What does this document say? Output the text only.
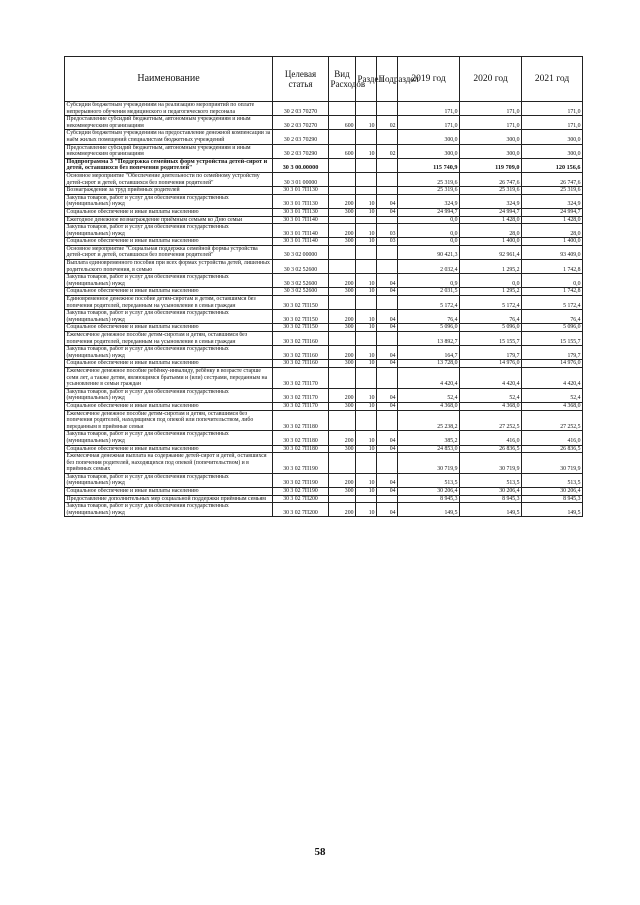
Наименование	Целевая статья	Вид Расходов	Раздел	Подраздел	2019 год	2020 год	2021 год
Субсидии бюджетным учреждениям на реализацию мероприятий по оплате непрерывного обучения медицинского и педагогического персонала	30 2 03 70270				171,0	171,0	171,0
Предоставление субсидий бюджетным, автономным учреждениям и иным некоммерческим организациям	30 2 03 70270	600	10	02	171,0	171,0	171,0
Субсидии бюджетным учреждениям на предоставление денежной компенсации за наём жилых помещений специалистам бюджетных учреждений	30 2 03 70290				300,0	300,0	300,0
Предоставление субсидий бюджетным, автономным учреждениям и иным некоммерческим организациям	30 2 03 70290	600	10	02	300,0	300,0	300,0
Подпрограмма 3 "Поддержка семейных форм устройства детей-сирот и детей, оставшихся без попечения родителей"	30 3 00.00000				115 740,9	119 709,0	120 156,6
Основное мероприятие "Обеспечение деятельности по семейному устройству детей-сирот и детей, оставшихся без попечения родителей"	30 3 01 00000				25 319,6	26 747,6	26 747,6
Вознаграждение за труд приёмных родителей	30 3 01 7П130				25 319,6	25 319,6	25 319,6
Закупка товаров, работ и услуг для обеспечения государственных (муниципальных) нужд	30 3 01 7П130	200	10	04	324,9	324,9	324,9
Социальное обеспечение и иные выплаты населению	30 3 01 7П130	300	10	04	24 994,7	24 994,7	24 994,7
Ежегодное денежное вознаграждение приёмным семьям ко Дню семьи	30 3 01 7П140				0,0	1 428,0	1 428,0
Закупка товаров, работ и услуг для обеспечения государственных (муниципальных) нужд	30 3 01 7П140	200	10	03	0,0	28,0	28,0
Социальное обеспечение и иные выплаты населению	30 3 01 7П140	300	10	03	0,0	1 400,0	1 400,0
Основное мероприятие "Социальная поддержка семейной формы устройства детей-сирот и детей, оставшихся без попечения родителей"	30 3 02 00000				90 421,3	92 961,4	93 409,0
Выплата единовременного пособия при всех формах устройства детей, лишенных родительского попечения, в семью	30 3 02 52600				2 032,4	1 295,2	1 742,8
Закупка товаров, работ и услуг для обеспечения государственных (муниципальных) нужд	30 3 02 52600	200	10	04	0,9	0,0	0,0
Социальное обеспечение и иные выплаты населению	30 3 02 52600	300	10	04	2 031,5	1 295,2	1 742,8
Единовременное денежное пособие детям-сиротам и детям, оставшимся без попечения родителей, переданным на усыновление в семьи граждан	30 3 02 7П150				5 172,4	5 172,4	5 172,4
Закупка товаров, работ и услуг для обеспечения государственных (муниципальных) нужд	30 3 02 7П150	200	10	04	76,4	76,4	76,4
Социальное обеспечение и иные выплаты населению	30 3 02 7П150	300	10	04	5 096,0	5 096,0	5 096,0
Ежемесячное денежное пособие детям-сиротам и детям, оставшимся без попечения родителей, переданным на усыновление в семьи граждан	30 3 02 7П160				13 892,7	15 155,7	15 155,7
Закупка товаров, работ и услуг для обеспечения государственных (муниципальных) нужд	30 3 02 7П160	200	10	04	164,7	179,7	179,7
Социальное обеспечение и иные выплаты населению	30 3 02 7П160	300	10	04	13 728,0	14 976,0	14 976,0
Ежемесячное денежное пособие ребёнку-инвалиду, ребёнку в возрасте старше семи лет, а также детям, являющимся братьями и (или) сестрами, переданным на усыновление в семьи граждан	30 3 02 7П170				4 420,4	4 420,4	4 420,4
Закупка товаров, работ и услуг для обеспечения государственных (муниципальных) нужд	30 3 02 7П170	200	10	04	52,4	52,4	52,4
Социальное обеспечение и иные выплаты населению	30 3 02 7П170	300	10	04	4 368,0	4 368,0	4 368,0
Ежемесячное денежное пособие детям-сиротам и детям, оставшимся без попечения родителей, находящимся под опекой или попечительством, либо переданным в приёмные семьи	30 3 02 7П180				25 238,2	27 252,5	27 252,5
Закупка товаров, работ и услуг для обеспечения государственных (муниципальных) нужд	30 3 02 7П180	200	10	04	385,2	416,0	416,0
Социальное обеспечение и иные выплаты населению	30 3 02 7П180	300	10	04	24 853,0	26 836,5	26 836,5
Ежемесячная денежная выплата на содержание детей-сирот и детей, оставшихся без попечения родителей, находящихся под опекой (попечительством) и в приёмных семьях	30 3 02 7П190				30 719,9	30 719,9	30 719,9
Закупка товаров, работ и услуг для обеспечения государственных (муниципальных) нужд	30 3 02 7П190	200	10	04	513,5	513,5	513,5
Социальное обеспечение и иные выплаты населению	30 3 02 7П190	300	10	04	30 206,4	30 206,4	30 206,4
Предоставление дополнительных мер социальной поддержки приёмным семьям	30 3 02 7П200				8 945,3	8 945,3	8 945,3
Закупка товаров, работ и услуг для обеспечения государственных (муниципальных) нужд	30 3 02 7П200	200	10	04	149,5	149,5	149,5
58
